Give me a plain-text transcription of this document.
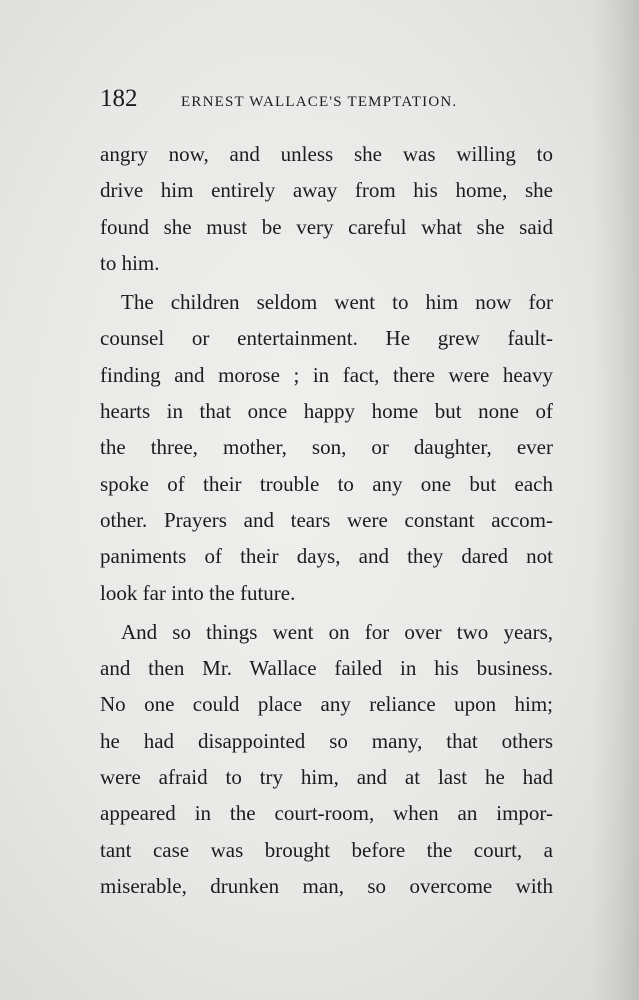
182	ERNEST WALLACE'S TEMPTATION.

angry now, and unless she was willing to
drive him entirely away from his home, she
found she must be very careful what she said
to him.

The children seldom went to him now for
counsel or entertainment. He grew fault-
finding and morose ; in fact, there were heavy
hearts in that once happy home but none of
the three, mother, son, or daughter, ever
spoke of their trouble to any one but each
other. Prayers and tears were constant accom-
paniments of their days, and they dared not
look far into the future.

And so things went on for over two years,
and then Mr. Wallace failed in his business.
No one could place any reliance upon him;
he had disappointed so many, that others
were afraid to try him, and at last he had
appeared in the court-room, when an impor-
tant case was brought before the court, a
miserable, drunken man, so overcome with
